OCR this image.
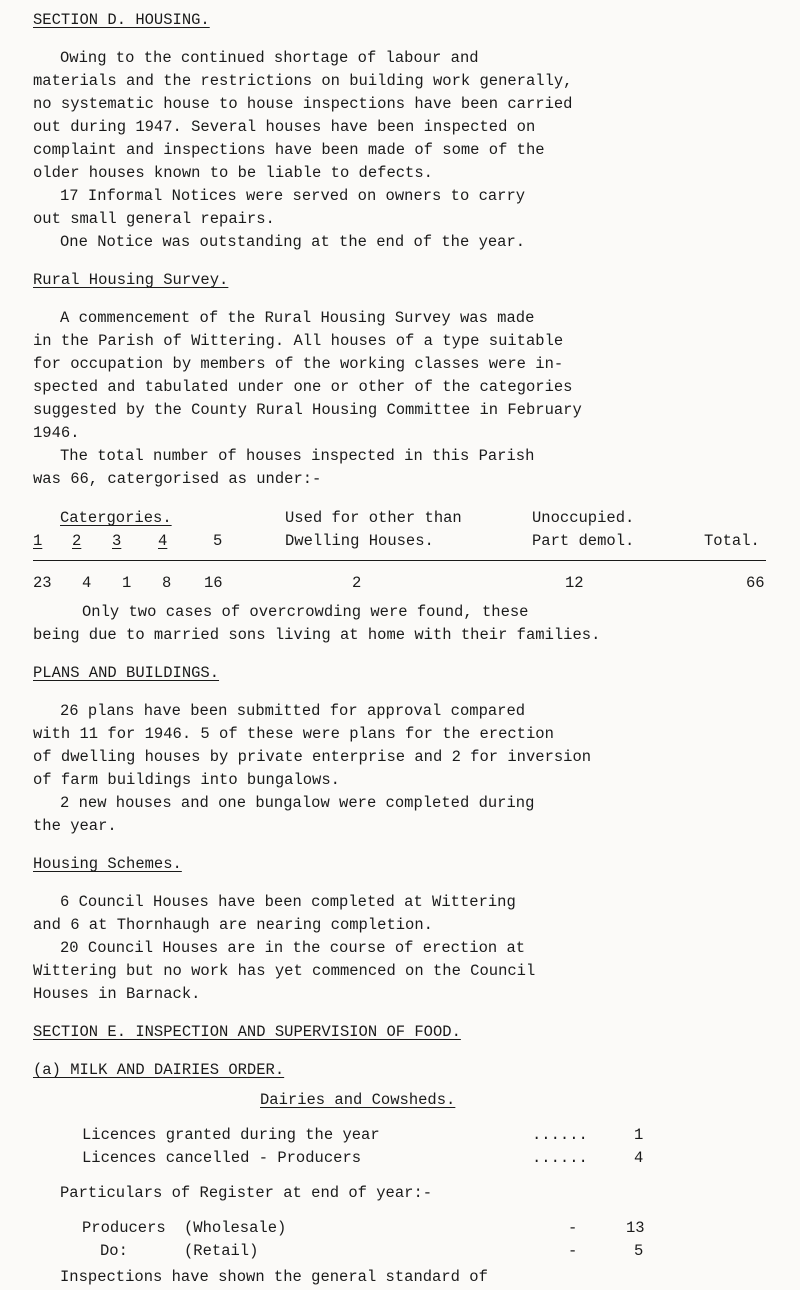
SECTION D. HOUSING.
Owing to the continued shortage of labour and
materials and the restrictions on building work generally,
no systematic house to house inspections have been carried
out during 1947. Several houses have been inspected on
complaint and inspections have been made of some of the
older houses known to be liable to defects.
17 Informal Notices were served on owners to carry
out small general repairs.
One Notice was outstanding at the end of the year.
Rural Housing Survey.
A commencement of the Rural Housing Survey was made
in the Parish of Wittering. All houses of a type suitable
for occupation by members of the working classes were in-
spected and tabulated under one or other of the categories
suggested by the County Rural Housing Committee in February
1946.
The total number of houses inspected in this Parish
was 66, catergorised as under:-
Catergories.	Used for other than	Unoccupied.
1 2 3 4	5	Dwelling Houses.	Part demol.	Total.
23 4 1 8 16	2	12	66
Only two cases of overcrowding were found, these
being due to married sons living at home with their families.
PLANS AND BUILDINGS.
26 plans have been submitted for approval compared
with 11 for 1946. 5 of these were plans for the erection
of dwelling houses by private enterprise and 2 for inversion
of farm buildings into bungalows.
2 new houses and one bungalow were completed during
the year.
Housing Schemes.
6 Council Houses have been completed at Wittering
and 6 at Thornhaugh are nearing completion.
20 Council Houses are in the course of erection at
Wittering but no work has yet commenced on the Council
Houses in Barnack.
SECTION E. INSPECTION AND SUPERVISION OF FOOD.
(a) MILK AND DAIRIES ORDER.
Dairies and Cowsheds.
Licences granted during the year	......	1
Licences cancelled - Producers	......	4
Particulars of Register at end of year:-
Producers (Wholesale)	-	13
Do:	(Retail)	-	5
Inspections have shown the general standard of
